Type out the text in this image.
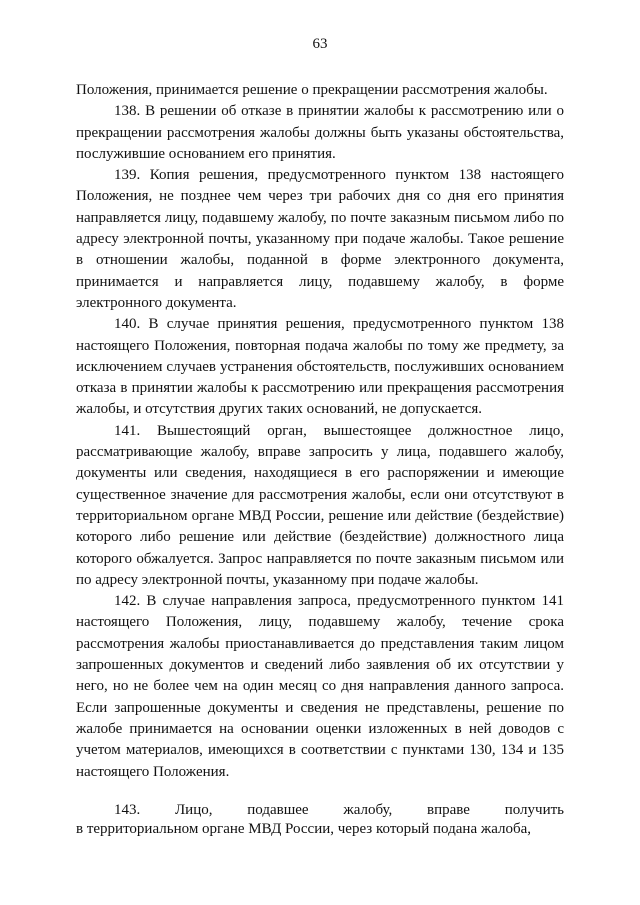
63

Положения, принимается решение о прекращении рассмотрения жалобы.

138. В решении об отказе в принятии жалобы к рассмотрению или о прекращении рассмотрения жалобы должны быть указаны обстоятельства, послужившие основанием его принятия.

139. Копия решения, предусмотренного пунктом 138 настоящего Положения, не позднее чем через три рабочих дня со дня его принятия направляется лицу, подавшему жалобу, по почте заказным письмом либо по адресу электронной почты, указанному при подаче жалобы. Такое решение в отношении жалобы, поданной в форме электронного документа, принимается и направляется лицу, подавшему жалобу, в форме электронного документа.

140. В случае принятия решения, предусмотренного пунктом 138 настоящего Положения, повторная подача жалобы по тому же предмету, за исключением случаев устранения обстоятельств, послуживших основанием отказа в принятии жалобы к рассмотрению или прекращения рассмотрения жалобы, и отсутствия других таких оснований, не допускается.

141. Вышестоящий орган, вышестоящее должностное лицо, рассматривающие жалобу, вправе запросить у лица, подавшего жалобу, документы или сведения, находящиеся в его распоряжении и имеющие существенное значение для рассмотрения жалобы, если они отсутствуют в территориальном органе МВД России, решение или действие (бездействие) которого либо решение или действие (бездействие) должностного лица которого обжалуется. Запрос направляется по почте заказным письмом или по адресу электронной почты, указанному при подаче жалобы.

142. В случае направления запроса, предусмотренного пунктом 141 настоящего Положения, лицу, подавшему жалобу, течение срока рассмотрения жалобы приостанавливается до представления таким лицом запрошенных документов и сведений либо заявления об их отсутствии у него, но не более чем на один месяц со дня направления данного запроса. Если запрошенные документы и сведения не представлены, решение по жалобе принимается на основании оценки изложенных в ней доводов с учетом материалов, имеющихся в соответствии с пунктами 130, 134 и 135 настоящего Положения.

143. Лицо, подавшее жалобу, вправе получить
в территориальном органе МВД России, через который подана жалоба,
